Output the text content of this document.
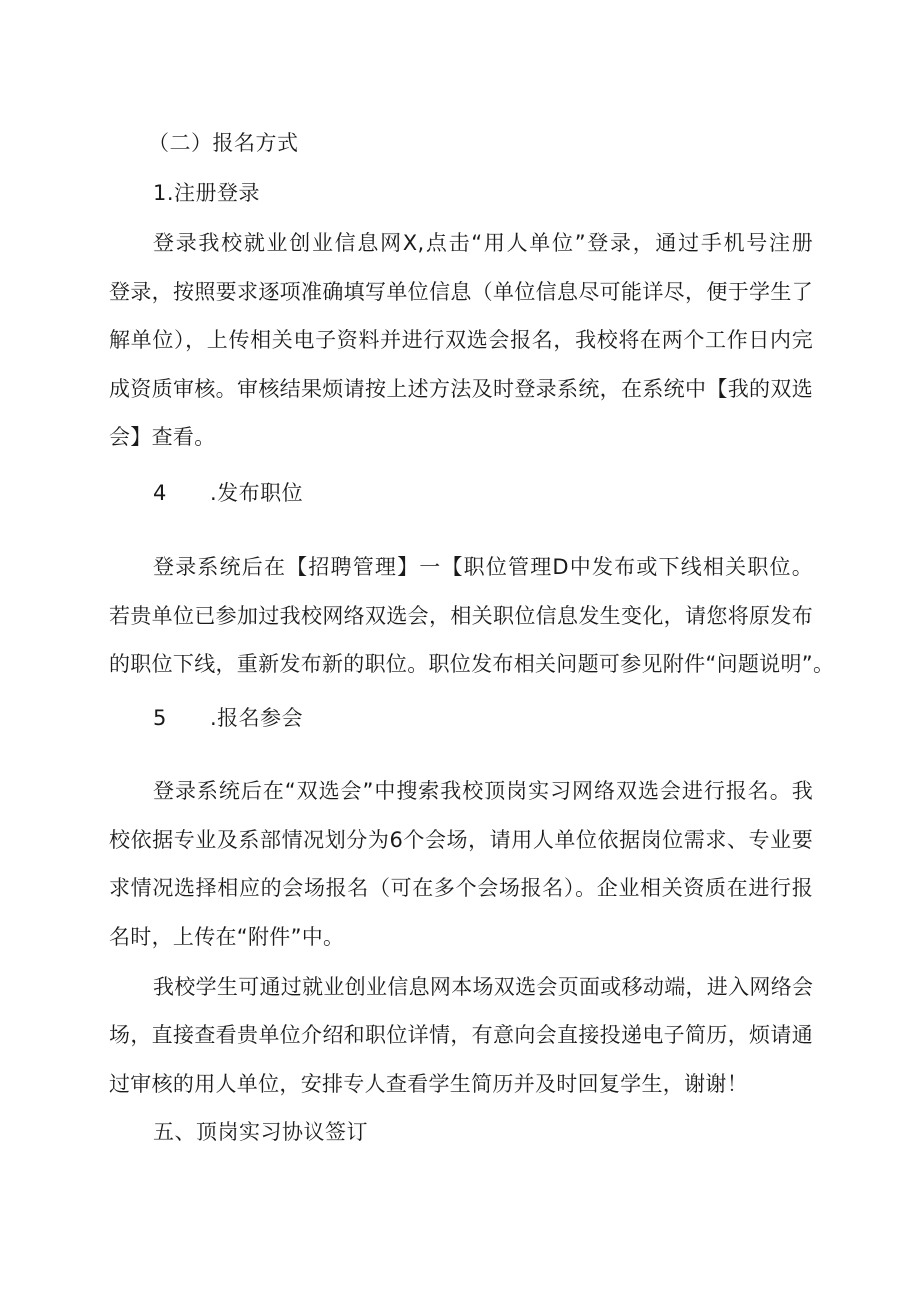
（二）报名方式
1.注册登录
登录我校就业创业信息网X,点击“用人单位”登录，通过手机号注册
登录，按照要求逐项准确填写单位信息（单位信息尽可能详尽，便于学生了
解单位），上传相关电子资料并进行双选会报名，我校将在两个工作日内完
成资质审核。审核结果烦请按上述方法及时登录系统，在系统中【我的双选
会】查看。
4 .发布职位
登录系统后在【招聘管理】一【职位管理D中发布或下线相关职位。
若贵单位已参加过我校网络双选会，相关职位信息发生变化，请您将原发布
的职位下线，重新发布新的职位。职位发布相关问题可参见附件“问题说明”。
5 .报名参会
登录系统后在“双选会”中搜索我校顶岗实习网络双选会进行报名。我
校依据专业及系部情况划分为6个会场，请用人单位依据岗位需求、专业要
求情况选择相应的会场报名（可在多个会场报名）。企业相关资质在进行报
名时，上传在“附件”中。
我校学生可通过就业创业信息网本场双选会页面或移动端，进入网络会
场，直接查看贵单位介绍和职位详情，有意向会直接投递电子简历，烦请通
过审核的用人单位，安排专人查看学生简历并及时回复学生，谢谢！
五、顶岗实习协议签订
